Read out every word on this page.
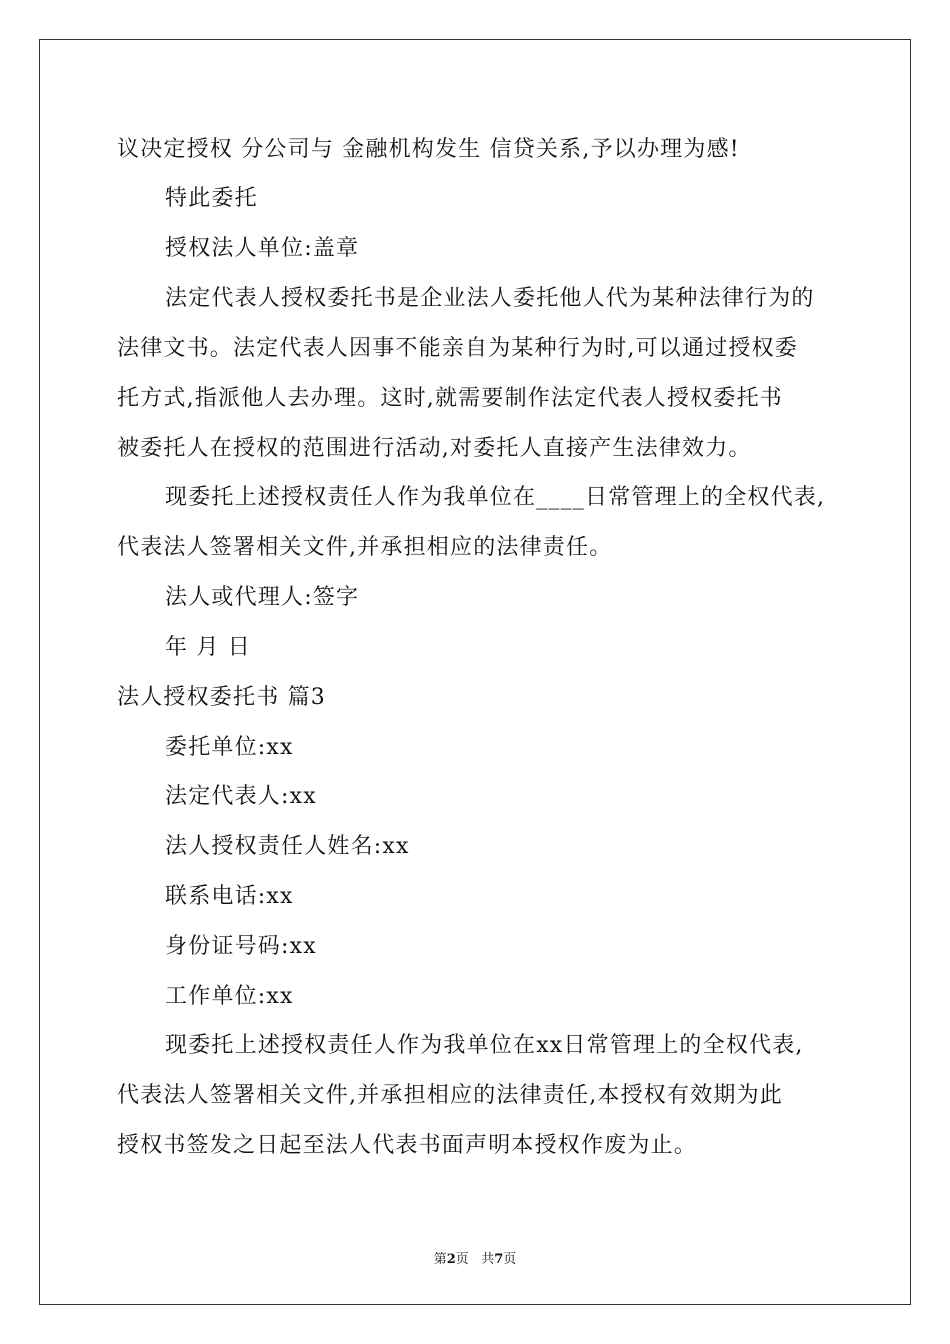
议决定授权 分公司与 金融机构发生 信贷关系,予以办理为感!
特此委托
授权法人单位:盖章
法定代表人授权委托书是企业法人委托他人代为某种法律行为的
法律文书。法定代表人因事不能亲自为某种行为时,可以通过授权委
托方式,指派他人去办理。这时,就需要制作法定代表人授权委托书
被委托人在授权的范围进行活动,对委托人直接产生法律效力。
现委托上述授权责任人作为我单位在____日常管理上的全权代表,
代表法人签署相关文件,并承担相应的法律责任。
法人或代理人:签字
年 月 日
法人授权委托书 篇3
委托单位:xx
法定代表人:xx
法人授权责任人姓名:xx
联系电话:xx
身份证号码:xx
工作单位:xx
现委托上述授权责任人作为我单位在xx日常管理上的全权代表,
代表法人签署相关文件,并承担相应的法律责任,本授权有效期为此
授权书签发之日起至法人代表书面声明本授权作废为止。
第2页 共7页
